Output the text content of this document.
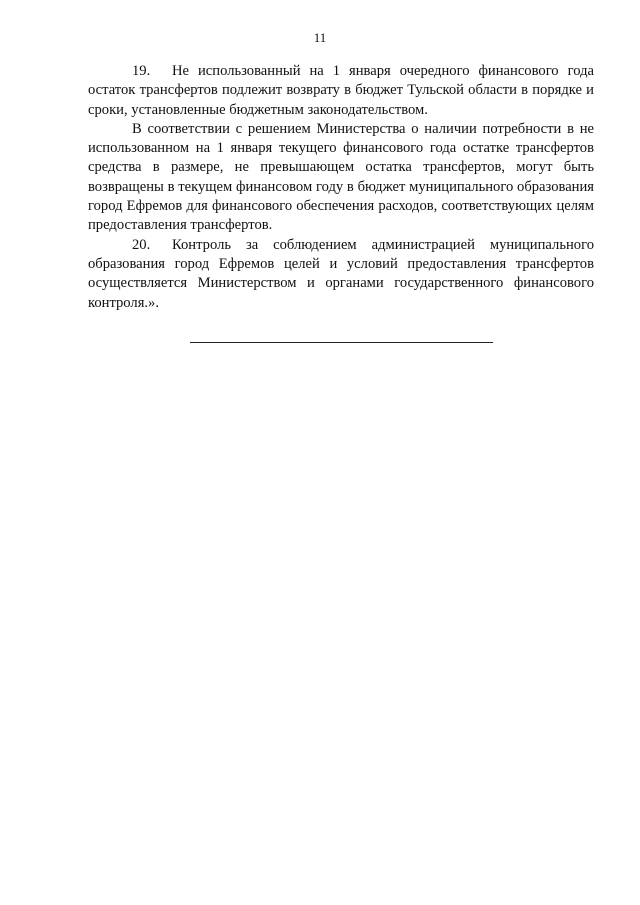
11

19. Не использованный на 1 января очередного финансового года остаток трансфертов подлежит возврату в бюджет Тульской области в порядке и сроки, установленные бюджетным законодательством.

В соответствии с решением Министерства о наличии потребности в не использованном на 1 января текущего финансового года остатке трансфертов средства в размере, не превышающем остатка трансфертов, могут быть возвращены в текущем финансовом году в бюджет муниципального образования город Ефремов для финансового обеспечения расходов, соответствующих целям предоставления трансфертов.

20. Контроль за соблюдением администрацией муниципального образования город Ефремов целей и условий предоставления трансфертов осуществляется Министерством и органами государственного финансового контроля.».
